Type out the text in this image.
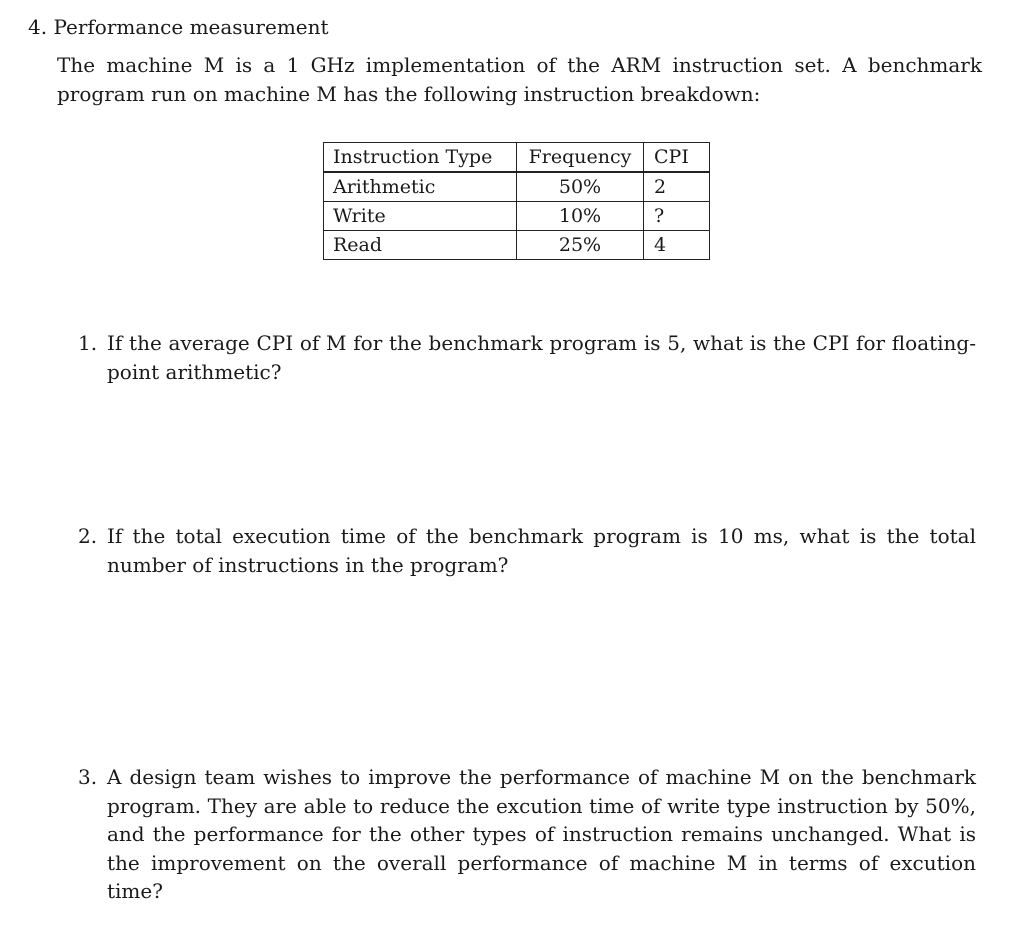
4. Performance measurement

The machine M is a 1 GHz implementation of the ARM instruction set. A benchmark program run on machine M has the following instruction breakdown:

Instruction Type	Frequency	CPI
Arithmetic	50%	2
Write	10%	?
Read	25%	4
1. If the average CPI of M for the benchmark program is 5, what is the CPI for floating-point arithmetic?
2. If the total execution time of the benchmark program is 10 ms, what is the total number of instructions in the program?
3. A design team wishes to improve the performance of machine M on the benchmark program. They are able to reduce the excution time of write type instruction by 50%, and the performance for the other types of instruction remains unchanged. What is the improvement on the overall performance of machine M in terms of excution time?
